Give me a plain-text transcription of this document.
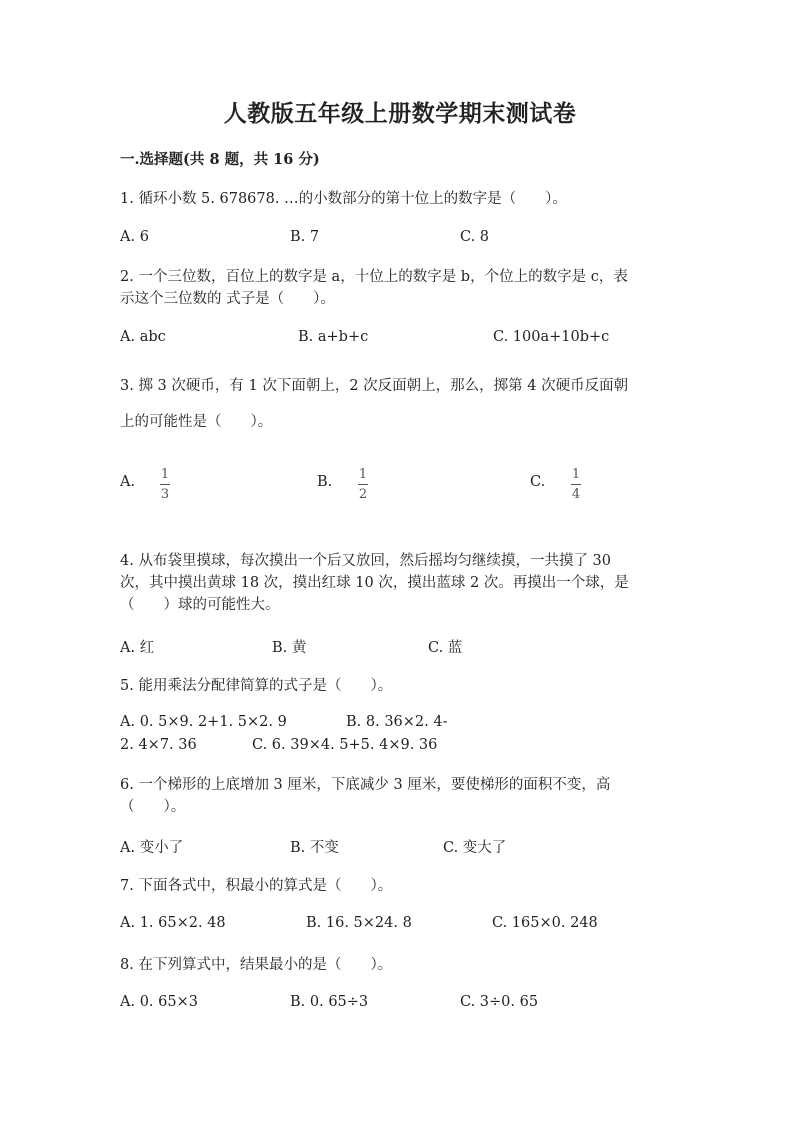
人教版五年级上册数学期末测试卷
一.选择题(共 8 题，共 16 分)
1. 循环小数 5. 678678. …的小数部分的第十位上的数字是（　　）。
A. 6	B. 7	C. 8
2. 一个三位数，百位上的数字是 a，十位上的数字是 b，个位上的数字是 c，表
示这个三位数的 式子是（　　）。
A. abc	B. a+b+c	C. 100a+10b+c
3. 掷 3 次硬币，有 1 次下面朝上，2 次反面朝上，那么，掷第 4 次硬币反面朝
上的可能性是（　　）。
A. 1
3
B. 1
2
C. 1
4
4. 从布袋里摸球，每次摸出一个后又放回，然后摇均匀继续摸，一共摸了 30
次，其中摸出黄球 18 次，摸出红球 10 次，摸出蓝球 2 次。再摸出一个球，是
（　　）球的可能性大。
A. 红	B. 黄	C. 蓝
5. 能用乘法分配律简算的式子是（　　）。
A. 0. 5×9. 2+1. 5×2. 9	B. 8. 36×2. 4-
2. 4×7. 36	C. 6. 39×4. 5+5. 4×9. 36
6. 一个梯形的上底增加 3 厘米，下底减少 3 厘米，要使梯形的面积不变，高
（　　）。
A. 变小了	B. 不变	C. 变大了
7. 下面各式中，积最小的算式是（　　）。
A. 1. 65×2. 48	B. 16. 5×24. 8	C. 165×0. 248
8. 在下列算式中，结果最小的是（　　）。
A. 0. 65×3	B. 0. 65÷3	C. 3÷0. 65
